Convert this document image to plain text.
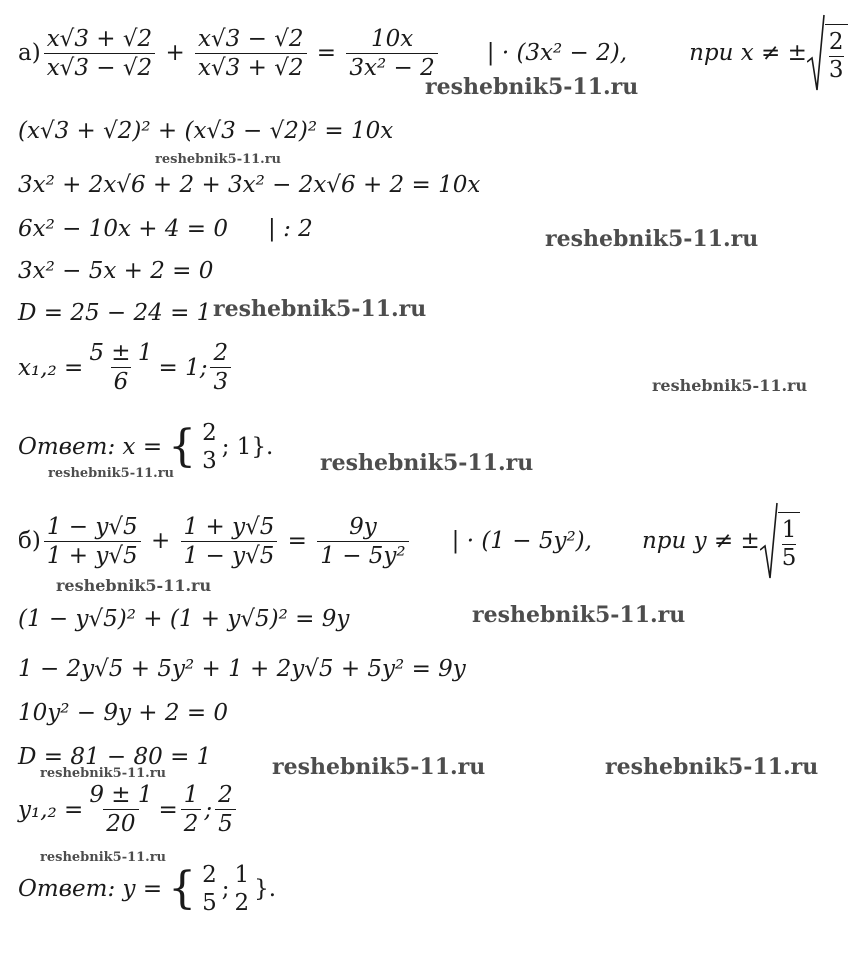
$а) \frac{x√3 + √2}{x√3 - √2} + \frac{x√3 - √2}{x√3 + √2} = \frac{10x}{\text{3x² − 2}}$ | · (3x² − 2),	при x ≠ ± $\frac{2}{3}$
(x√3 + √2)² + (x√3 − √2)² = 10x
3x² + 2x√6 + 2 + 3x² − 2x√6 + 2 = 10x
6x² − 10x + 4 = 0 | : 2
3x² − 5x + 2 = 0
D = 25 − 24 = 1
$x_1,_2 = \frac{5 \pm 1}{6} = 1$; $\frac{2}{3}$
Ответ: x = { 2
3
; 1}.
$б) \frac{1 - y√5}{1 + y√5} + \frac{1 + y√5}{1 - y√5} = \frac{9y}{\text{1 − 5y²}}$ | · (1 − 5y²), при y ≠ ± $\frac{1}{5}$
(1 − y√5)² + (1 + y√5)² = 9y
1 − 2y√5 + 5y² + 1 + 2y√5 + 5y² = 9y
10y² − 9y + 2 = 0
D = 81 − 80 = 1
$y_1,_2 = \frac{9 \pm 1}{20} = \frac{1}{2}$ ; $\frac{2}{5}$
Ответ: y = { 2
5
;
1
2
}.
reshebnik5-11.ru
reshebnik5-11.ru
reshebnik5-11.ru
reshebnik5-11.ru
reshebnik5-11.ru
reshebnik5-11.ru	reshebnik5-11.ru
reshebnik5-11.ru
reshebnik5-11.ru
reshebnik5-11.ru	reshebnik5-11.ru
reshebnik5-11.ru
reshebnik5-11.ru
